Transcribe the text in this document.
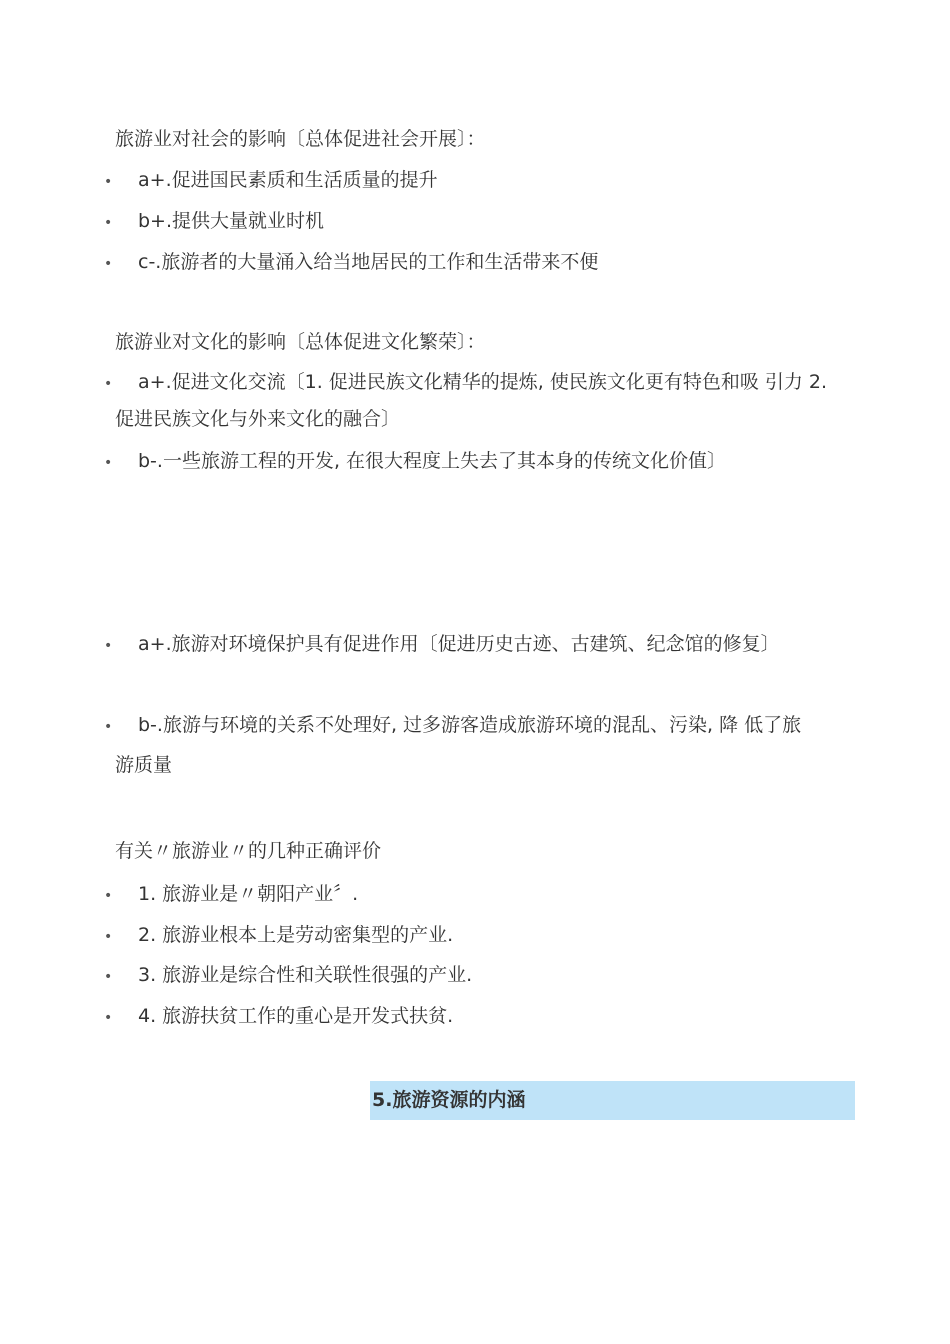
旅游业对社会的影响〔总体促进社会开展〕：
• a+.促进国民素质和生活质量的提升
• b+.提供大量就业时机
• c-.旅游者的大量涌入给当地居民的工作和生活带来不便
旅游业对文化的影响〔总体促进文化繁荣〕：
• a+.促进文化交流〔1. 促进民族文化精华的提炼, 使民族文化更有特色和吸 引力 2.
促进民族文化与外来文化的融合〕
• b-.一些旅游工程的开发, 在很大程度上失去了其本身的传统文化价值〕
• a+.旅游对环境保护具有促进作用〔促进历史古迹、古建筑、纪念馆的修复〕
• b-.旅游与环境的关系不处理好, 过多游客造成旅游环境的混乱、污染, 降 低了旅
游质量
有关〃旅游业〃的几种正确评价
• 1. 旅游业是〃朝阳产业〞.
• 2. 旅游业根本上是劳动密集型的产业.
• 3. 旅游业是综合性和关联性很强的产业.
• 4. 旅游扶贫工作的重心是开发式扶贫.
5.旅游资源的内涵
